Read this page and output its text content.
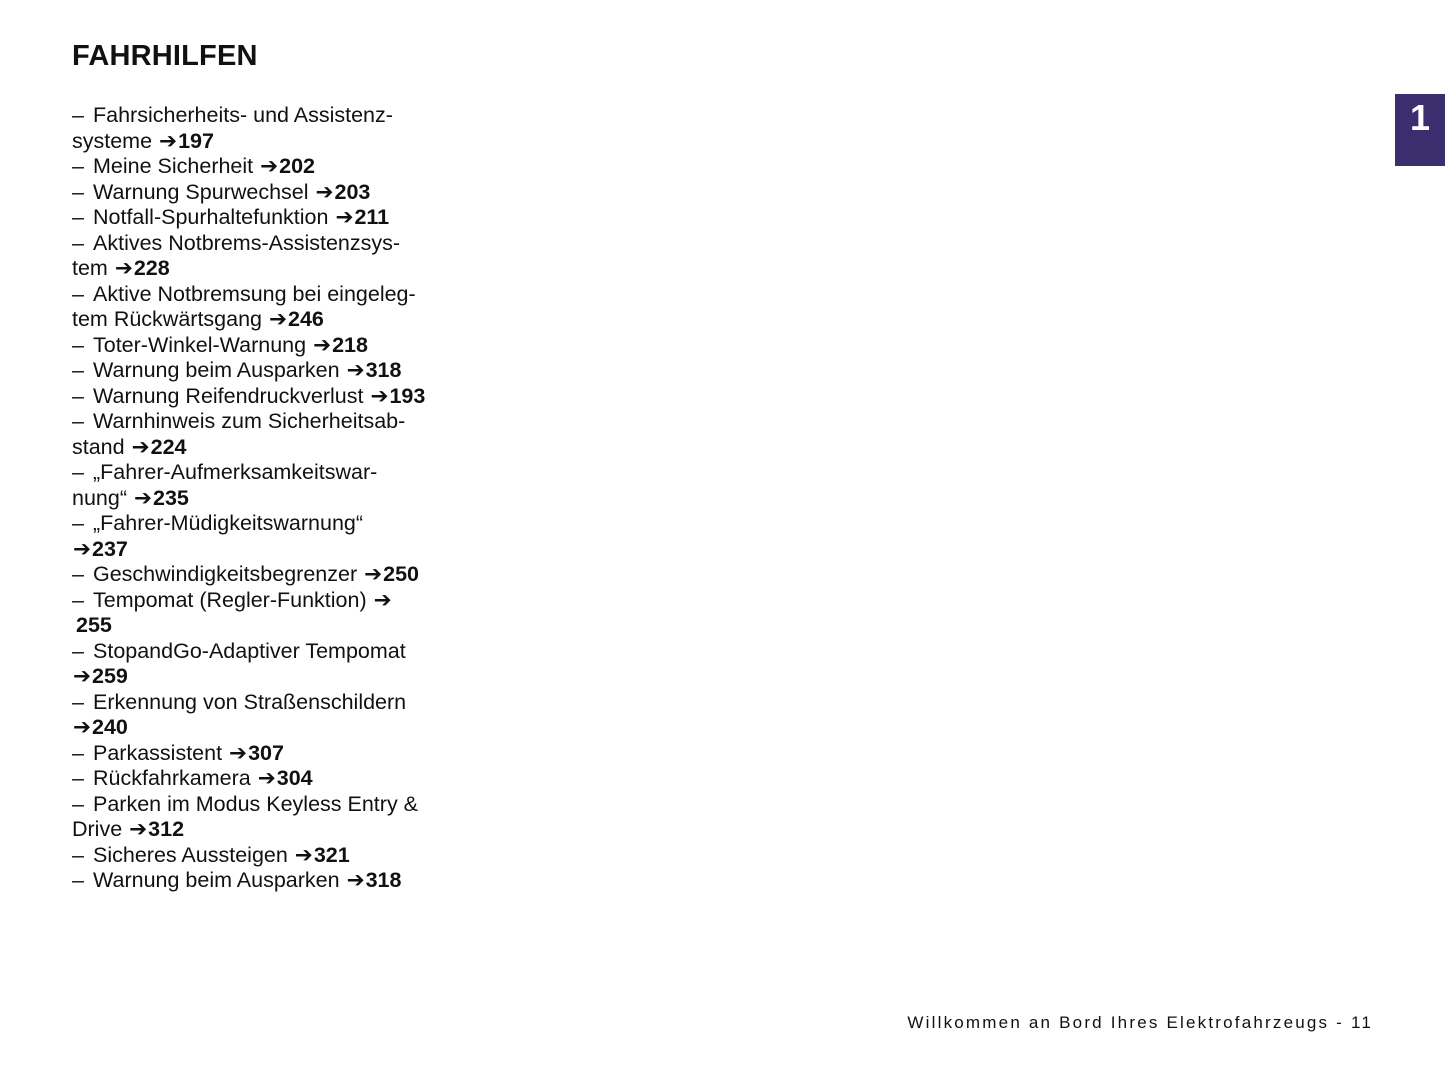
FAHRHILFEN
– Fahrsicherheits- und Assistenz-
systeme ➔197
– Meine Sicherheit ➔202
– Warnung Spurwechsel ➔203
– Notfall-Spurhaltefunktion ➔211
– Aktives Notbrems-Assistenzsys-
tem ➔228
– Aktive Notbremsung bei eingeleg-
tem Rückwärtsgang ➔246
– Toter-Winkel-Warnung ➔218
– Warnung beim Ausparken ➔318
– Warnung Reifendruckverlust ➔193
– Warnhinweis zum Sicherheitsab-
stand ➔224
– „Fahrer-Aufmerksamkeitswar-
nung“ ➔235
– „Fahrer-Müdigkeitswarnung“
➔237
– Geschwindigkeitsbegrenzer ➔250
– Tempomat (Regler-Funktion) ➔
255
– StopandGo-Adaptiver Tempomat
➔259
– Erkennung von Straßenschildern
➔240
– Parkassistent ➔307
– Rückfahrkamera ➔304
– Parken im Modus Keyless Entry &
Drive ➔312
– Sicheres Aussteigen ➔321
– Warnung beim Ausparken ➔318
1
Willkommen an Bord Ihres Elektrofahrzeugs - 11
